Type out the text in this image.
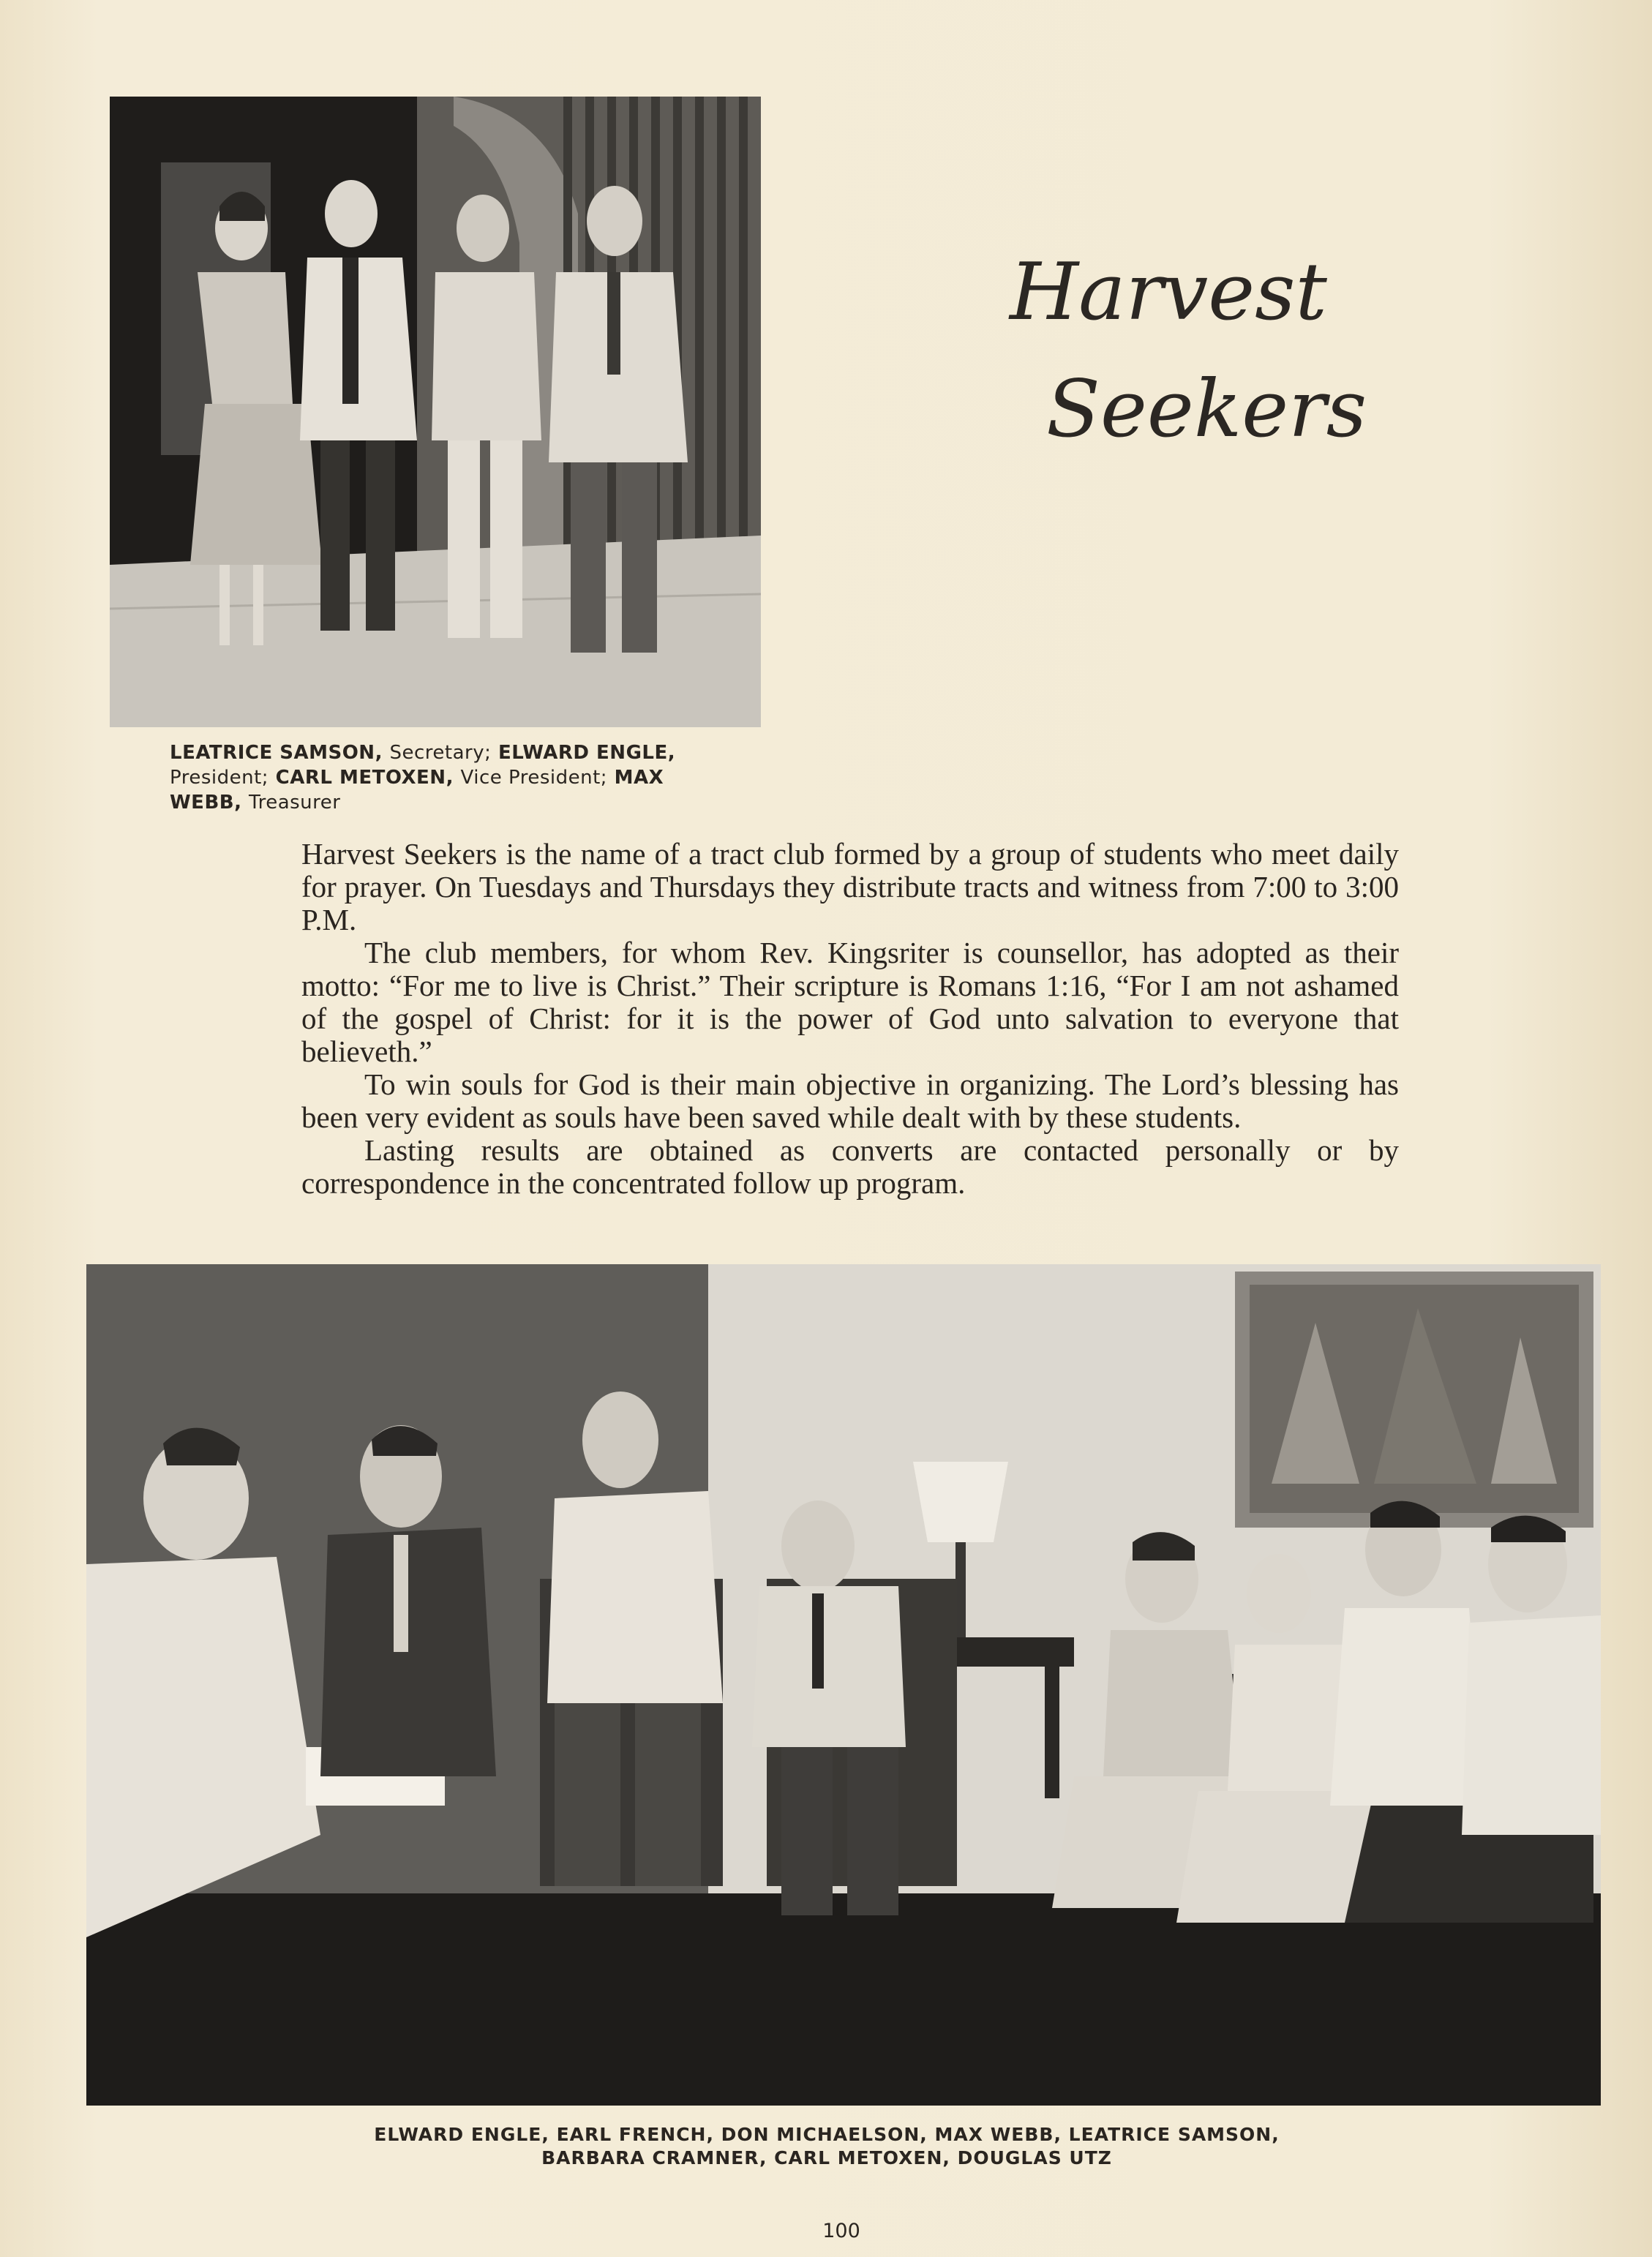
Harvest
Seekers
LEATRICE SAMSON, Secretary; ELWARD ENGLE, President; CARL METOXEN, Vice President; MAX WEBB, Treasurer

Harvest Seekers is the name of a tract club formed by a group of students who meet daily for prayer. On Tuesdays and Thursdays they distribute tracts and witness from 7:00 to 3:00 P.M.

The club members, for whom Rev. Kingsriter is counsellor, has adopted as their motto: “For me to live is Christ.” Their scripture is Romans 1:16, “For I am not ashamed of the gospel of Christ: for it is the power of God unto salvation to everyone that believeth.”

To win souls for God is their main objective in organizing. The Lord’s blessing has been very evident as souls have been saved while dealt with by these students.

Lasting results are obtained as converts are contacted personally or by correspondence in the concentrated follow up program.

ELWARD ENGLE, EARL FRENCH, DON MICHAELSON, MAX WEBB, LEATRICE SAMSON,
BARBARA CRAMNER, CARL METOXEN, DOUGLAS UTZ
100
